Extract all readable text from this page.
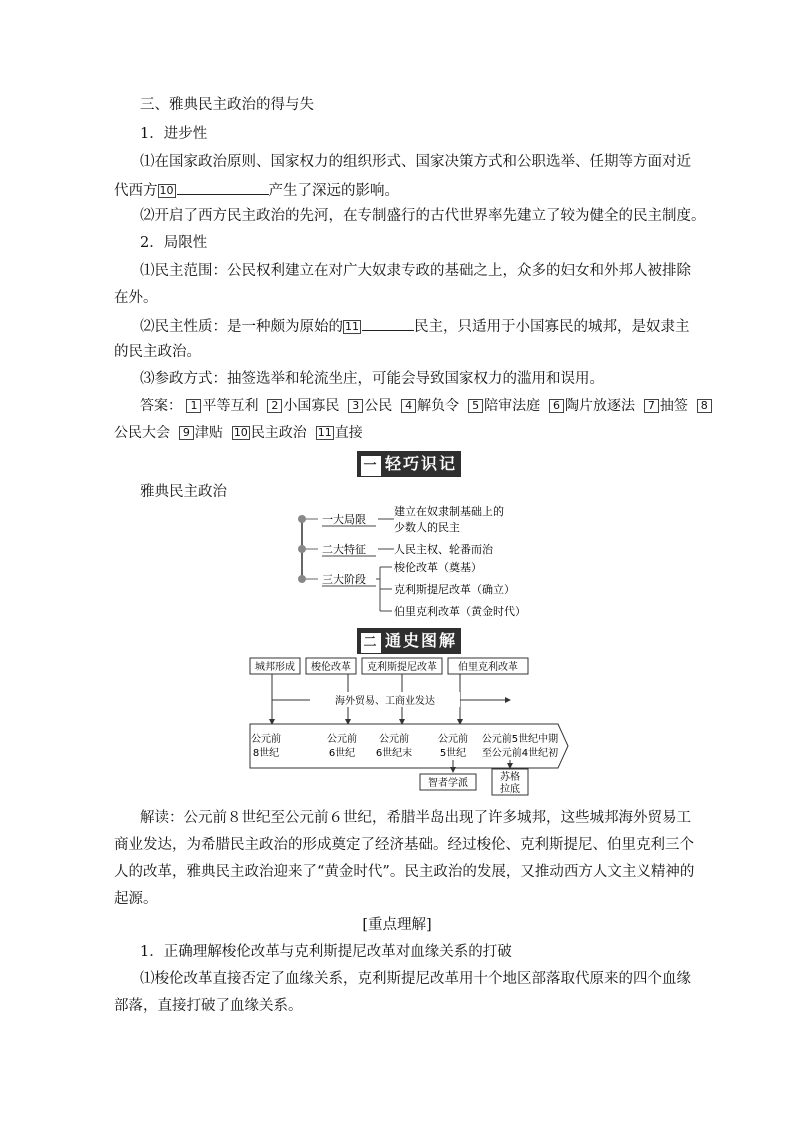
三、雅典民主政治的得与失
1．进步性
⑴在国家政治原则、国家权力的组织形式、国家决策方式和公职选举、任期等方面对近
代西方 10	产生了深远的影响。
⑵开启了西方民主政治的先河，在专制盛行的古代世界率先建立了较为健全的民主制度。
2．局限性
⑴民主范围：公民权利建立在对广大奴隶专政的基础之上，众多的妇女和外邦人被排除
在外。
⑵民主性质：是一种颇为原始的 11	民主，只适用于小国寡民的城邦，是奴隶主
的民主政治。
⑶参政方式：抽签选举和轮流坐庄，可能会导致国家权力的滥用和误用。
答案： 1 平等互利 2 小国寡民 3 公民 4 解负令 5 陪审法庭 6 陶片放逐法 7 抽签 8
公民大会 9 津贴 10 民主政治 11 直接
一 轻巧识记
雅典民主政治
一大局限
建立在奴隶制基础上的
少数人的民主
二大特征	人民主权、轮番而治
三大阶段
梭伦改革（奠基）
克利斯提尼改革（确立）
伯里克利改革（黄金时代）
二 通史图解
城邦形成 梭伦改革 克利斯提尼改革 伯里克利改革
海外贸易、工商业发达
公元前
8世纪
公元前
6世纪
公元前
6世纪末
公元前
5世纪
公元前5世纪中期
至公元前4世纪初
智者学派
苏格
拉底
解读：公元前８世纪至公元前６世纪，希腊半岛出现了许多城邦，这些城邦海外贸易工
商业发达，为希腊民主政治的形成奠定了经济基础。经过梭伦、克利斯提尼、伯里克利三个
人的改革，雅典民主政治迎来了“黄金时代”。民主政治的发展，又推动西方人文主义精神的
起源。
[重点理解]
1．正确理解梭伦改革与克利斯提尼改革对血缘关系的打破
⑴梭伦改革直接否定了血缘关系，克利斯提尼改革用十个地区部落取代原来的四个血缘
部落，直接打破了血缘关系。
